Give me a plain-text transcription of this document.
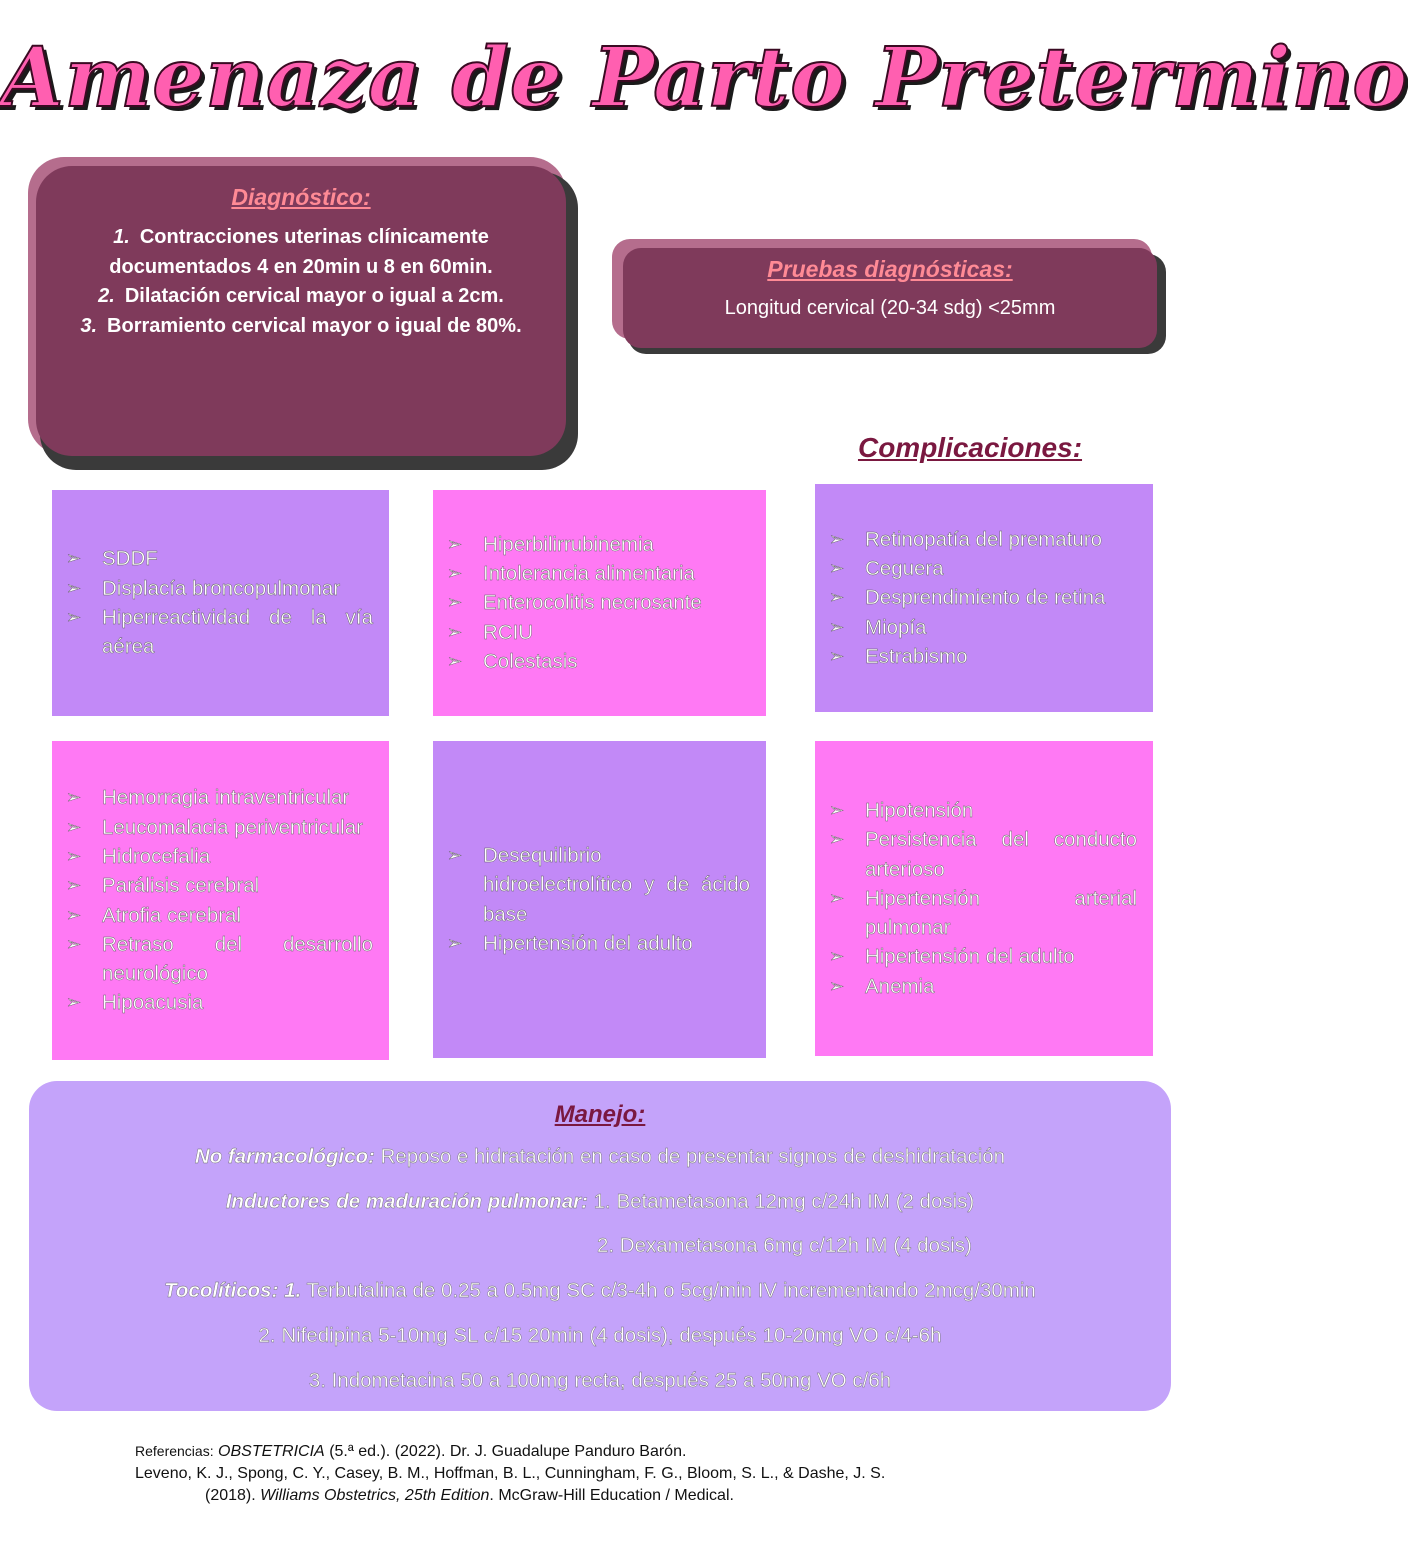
Amenaza de Parto Pretermino
Diagnóstico:
1. Contracciones uterinas clínicamente documentados 4 en 20min u 8 en 60min.
2. Dilatación cervical mayor o igual a 2cm.
3. Borramiento cervical mayor o igual de 80%.
Pruebas diagnósticas:
Longitud cervical (20-34 sdg) <25mm
Complicaciones:
➢ SDDF
➢ Displacía broncopulmonar
➢ Hiperreactividad de la vía aérea
➢ Hiperbilirrubinemia
➢ Intolerancia alimentaria
➢ Enterocolitis necrosante
➢ RCIU
➢ Colestasis
➢ Retinopatía del prematuro
➢ Ceguera
➢ Desprendimiento de retina
➢ Miopía
➢ Estrabismo
➢ Hemorragia intraventricular
➢ Leucomalacia periventricular
➢ Hidrocefalia
➢ Parálisis cerebral
➢ Atrofia cerebral
➢ Retraso del desarrollo neurológico
➢ Hipoacusia
➢ Desequilibrio hidroelectrolítico y de ácido base
➢ Hipertensión del adulto
➢ Hipotensión
➢ Persistencia del conducto arterioso
➢ Hipertensión arterial pulmonar
➢ Hipertensión del adulto
➢ Anemia
Manejo:
No farmacológico: Reposo e hidratación en caso de presentar signos de deshidratación
Inductores de maduración pulmonar: 1. Betametasona 12mg c/24h IM (2 dosis)
2. Dexametasona 6mg c/12h IM (4 dosis)
Tocolíticos: 1. Terbutalina de 0.25 a 0.5mg SC c/3-4h o 5cg/min IV incrementando 2mcg/30min
2. Nifedipina 5-10mg SL c/15 20min (4 dosis), después 10-20mg VO c/4-6h
3. Indometacina 50 a 100mg recta, después 25 a 50mg VO c/6h
Referencias: OBSTETRICIA (5.ª ed.). (2022). Dr. J. Guadalupe Panduro Barón.
Leveno, K. J., Spong, C. Y., Casey, B. M., Hoffman, B. L., Cunningham, F. G., Bloom, S. L., & Dashe, J. S.
(2018). Williams Obstetrics, 25th Edition. McGraw-Hill Education / Medical.
